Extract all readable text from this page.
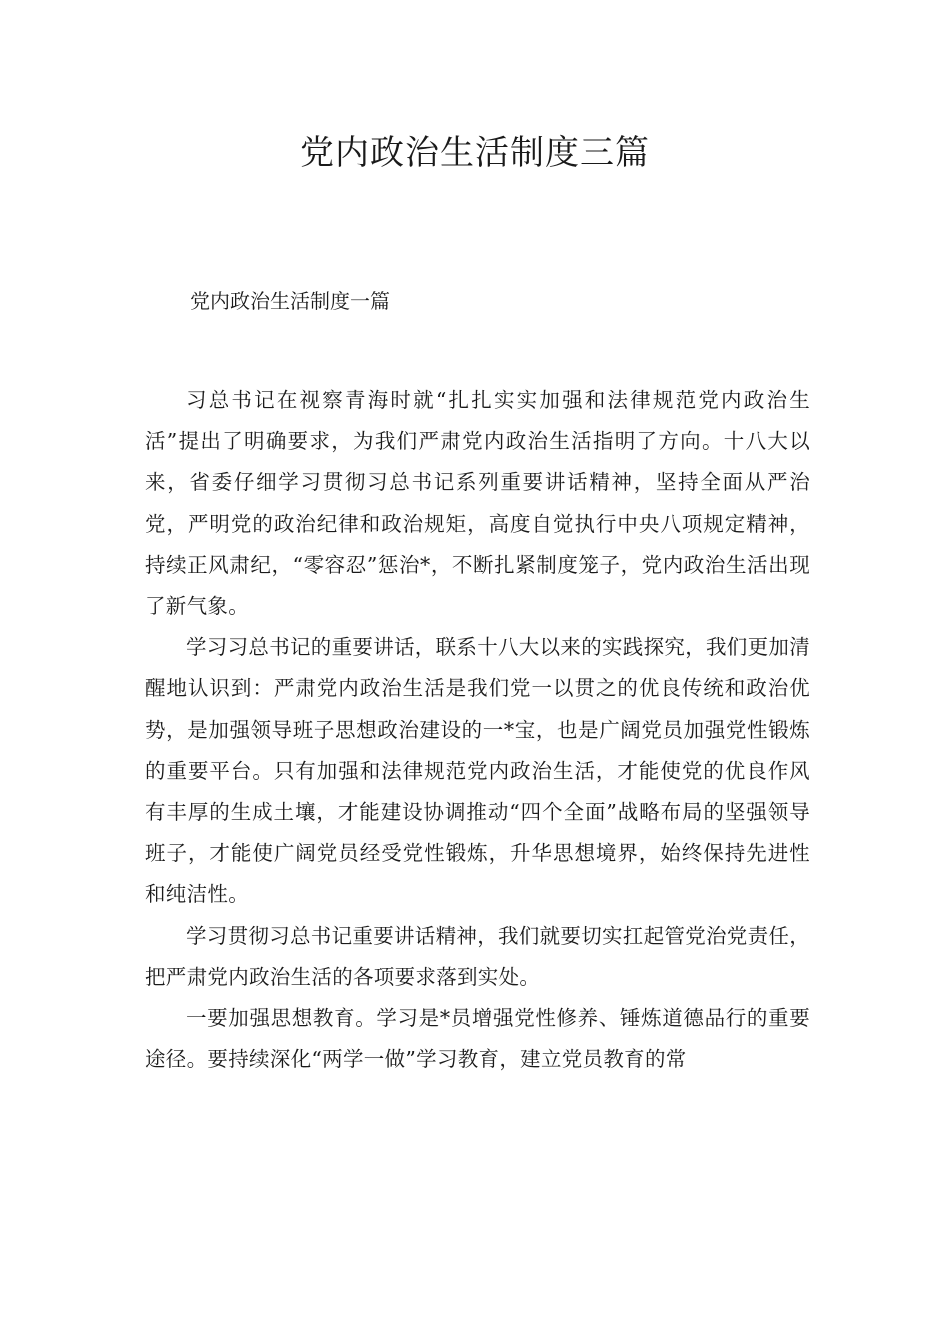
党内政治生活制度三篇
党内政治生活制度一篇

习总书记在视察青海时就“扎扎实实加强和法律规范党内政治生活”提出了明确要求，为我们严肃党内政治生活指明了方向。十八大以来，省委仔细学习贯彻习总书记系列重要讲话精神，坚持全面从严治党，严明党的政治纪律和政治规矩，高度自觉执行中央八项规定精神，持续正风肃纪，“零容忍”惩治*，不断扎紧制度笼子，党内政治生活出现了新气象。

学习习总书记的重要讲话，联系十八大以来的实践探究，我们更加清醒地认识到：严肃党内政治生活是我们党一以贯之的优良传统和政治优势，是加强领导班子思想政治建设的一*宝，也是广阔党员加强党性锻炼的重要平台。只有加强和法律规范党内政治生活，才能使党的优良作风有丰厚的生成土壤，才能建设协调推动“四个全面”战略布局的坚强领导班子，才能使广阔党员经受党性锻炼，升华思想境界，始终保持先进性和纯洁性。

学习贯彻习总书记重要讲话精神，我们就要切实扛起管党治党责任，把严肃党内政治生活的各项要求落到实处。

一要加强思想教育。学习是*员增强党性修养、锤炼道德品行的重要途径。要持续深化“两学一做”学习教育，建立党员教育的常
